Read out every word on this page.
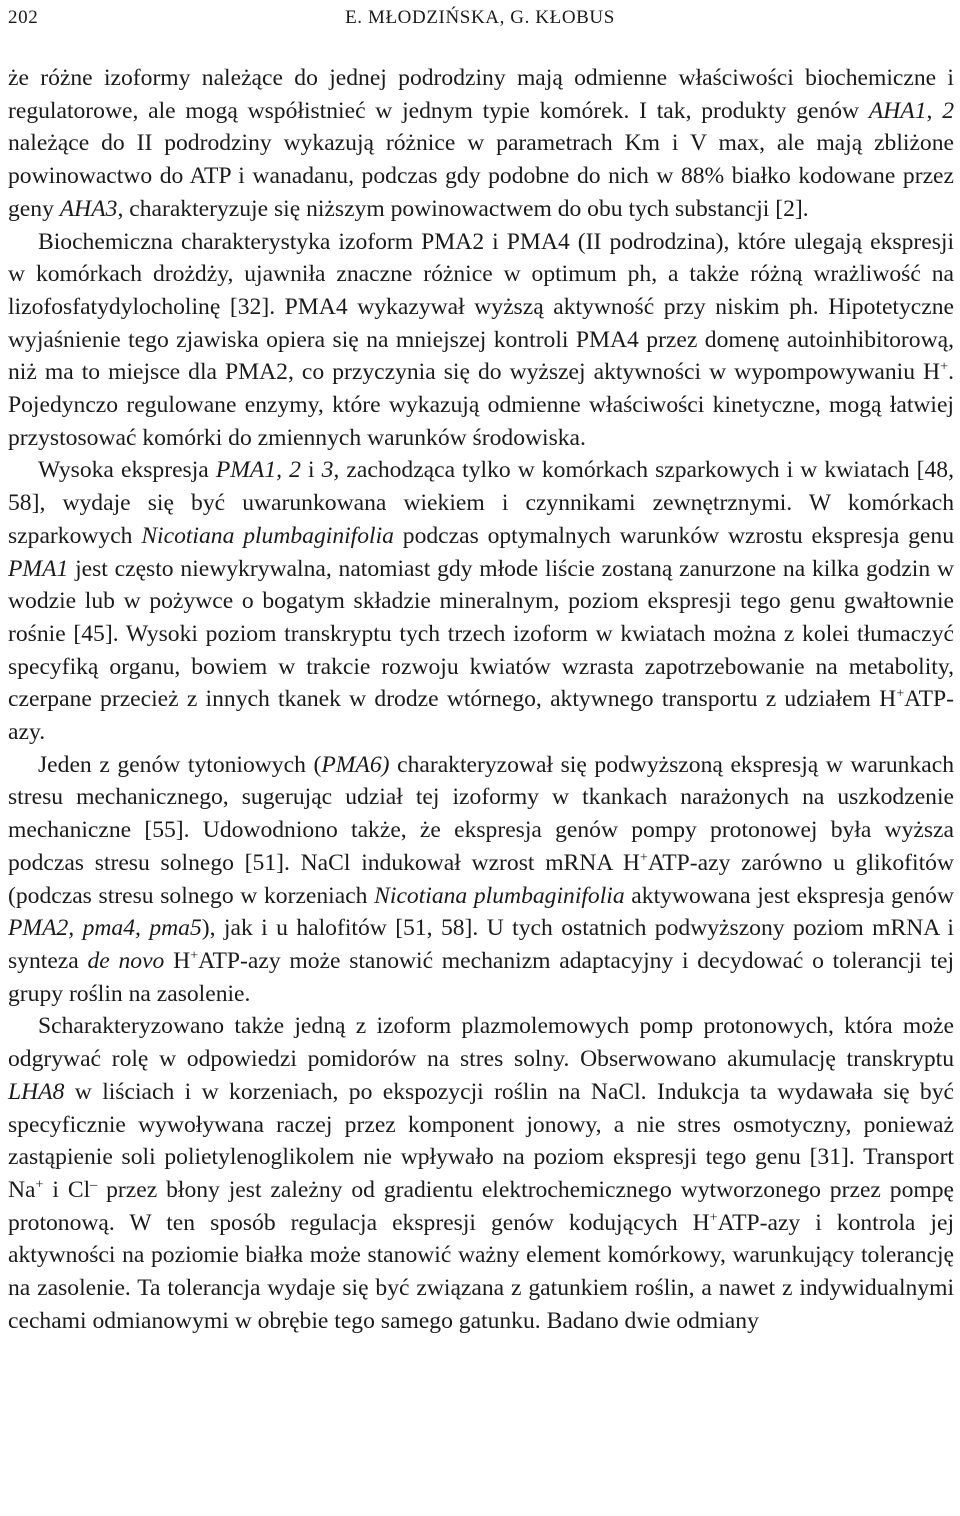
202	E. MŁODZIŃSKA, G. KŁOBUS

że różne izoformy należące do jednej podrodziny mają odmienne właściwości biochemiczne i regulatorowe, ale mogą współistnieć w jednym typie komórek. I tak, produkty genów AHA1, 2 należące do II podrodziny wykazują różnice w parametrach Km i V max, ale mają zbliżone powinowactwo do ATP i wanadanu, podczas gdy podobne do nich w 88% białko kodowane przez geny AHA3, charakteryzuje się niższym powinowactwem do obu tych substancji [2].

Biochemiczna charakterystyka izoform PMA2 i PMA4 (II podrodzina), które ulegają ekspresji w komórkach drożdży, ujawniła znaczne różnice w optimum ph, a także różną wrażliwość na lizofosfatydylocholinę [32]. PMA4 wykazywał wyższą aktywność przy niskim ph. Hipotetyczne wyjaśnienie tego zjawiska opiera się na mniejszej kontroli PMA4 przez domenę autoinhibitorową, niż ma to miejsce dla PMA2, co przyczynia się do wyższej aktywności w wypompowywaniu H+. Pojedynczo regulowane enzymy, które wykazują odmienne właściwości kinetyczne, mogą łatwiej przystosować komórki do zmiennych warunków środowiska.

Wysoka ekspresja PMA1, 2 i 3, zachodząca tylko w komórkach szparkowych i w kwiatach [48, 58], wydaje się być uwarunkowana wiekiem i czynnikami zewnętrznymi. W komórkach szparkowych Nicotiana plumbaginifolia podczas optymalnych warunków wzrostu ekspresja genu PMA1 jest często niewykrywalna, natomiast gdy młode liście zostaną zanurzone na kilka godzin w wodzie lub w pożywce o bogatym składzie mineralnym, poziom ekspresji tego genu gwałtownie rośnie [45]. Wysoki poziom transkryptu tych trzech izoform w kwiatach można z kolei tłumaczyć specyfiką organu, bowiem w trakcie rozwoju kwiatów wzrasta zapotrzebowanie na metabolity, czerpane przecież z innych tkanek w drodze wtórnego, aktywnego transportu z udziałem H+ATP-azy.

Jeden z genów tytoniowych (PMA6) charakteryzował się podwyższoną ekspresją w warunkach stresu mechanicznego, sugerując udział tej izoformy w tkankach narażonych na uszkodzenie mechaniczne [55]. Udowodniono także, że ekspresja genów pompy protonowej była wyższa podczas stresu solnego [51]. NaCl indukował wzrost mRNA H+ATP-azy zarówno u glikofitów (podczas stresu solnego w korzeniach Nicotiana plumbaginifolia aktywowana jest ekspresja genów PMA2, pma4, pma5), jak i u halofitów [51, 58]. U tych ostatnich podwyższony poziom mRNA i synteza de novo H+ATP-azy może stanowić mechanizm adaptacyjny i decydować o tolerancji tej grupy roślin na zasolenie.

Scharakteryzowano także jedną z izoform plazmolemowych pomp protonowych, która może odgrywać rolę w odpowiedzi pomidorów na stres solny. Obserwowano akumulację transkryptu LHA8 w liściach i w korzeniach, po ekspozycji roślin na NaCl. Indukcja ta wydawała się być specyficznie wywoływana raczej przez komponent jonowy, a nie stres osmotyczny, ponieważ zastąpienie soli polietylenoglikolem nie wpływało na poziom ekspresji tego genu [31]. Transport Na+ i Cl– przez błony jest zależny od gradientu elektrochemicznego wytworzonego przez pompę protonową. W ten sposób regulacja ekspresji genów kodujących H+ATP-azy i kontrola jej aktywności na poziomie białka może stanowić ważny element komórkowy, warunkujący tolerancję na zasolenie. Ta tolerancja wydaje się być związana z gatunkiem roślin, a nawet z indywidualnymi cechami odmianowymi w obrębie tego samego gatunku. Badano dwie odmiany
